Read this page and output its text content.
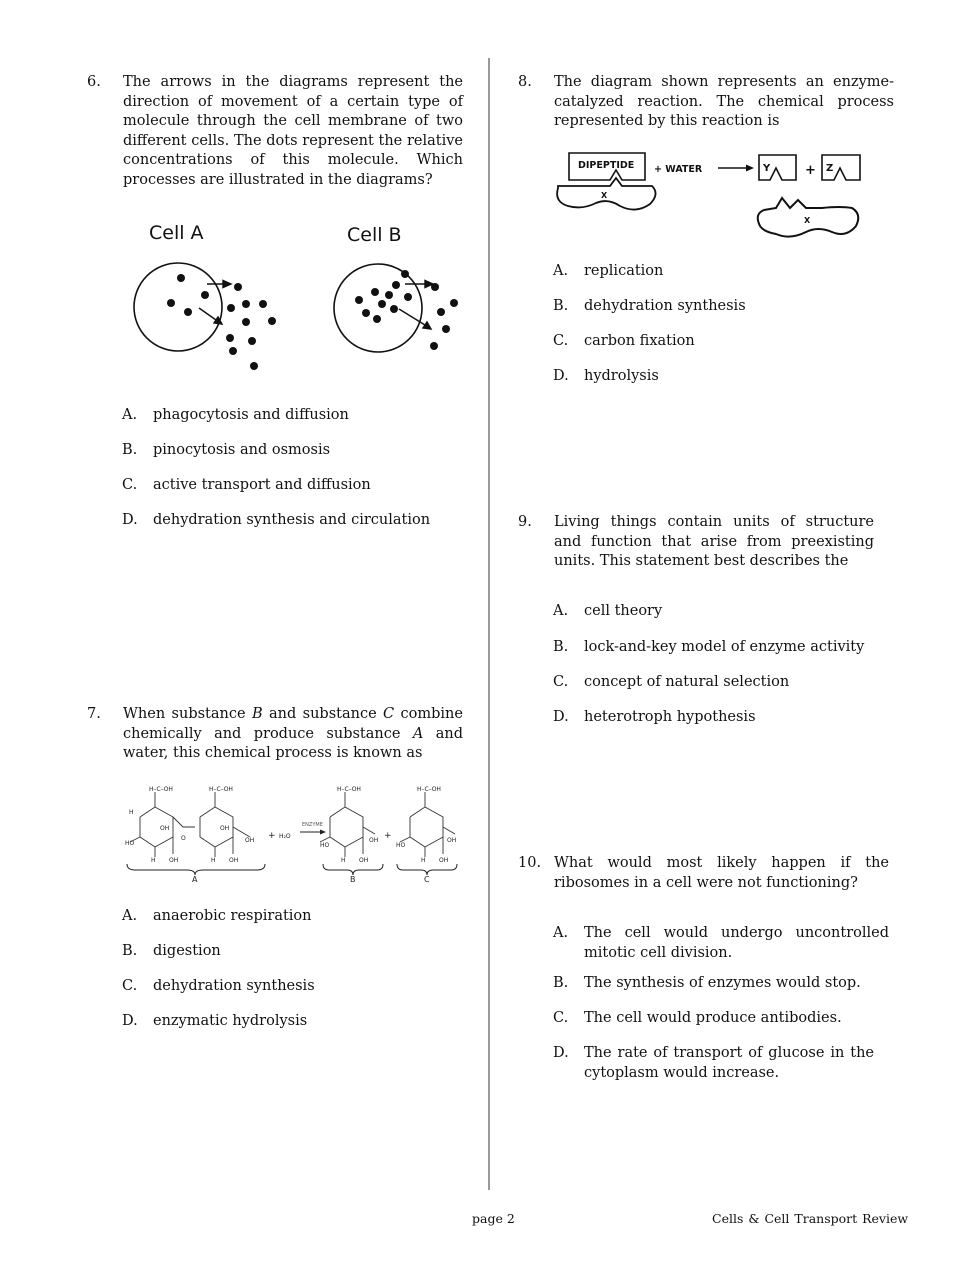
6. The arrows in the diagrams represent the direction of movement of a certain type of molecule through the cell membrane of two different cells. The dots represent the relative concentrations of this molecule. Which processes are illustrated in the diagrams?
Cell A	Cell B
A. phagocytosis and diffusion
B. pinocytosis and osmosis
C. active transport and diffusion
D. dehydration synthesis and circulation
7. When substance B and substance C combine chemically and produce substance A and water, this chemical process is known as
H–C–OH	H–C–OH
H
OH
O
OH
OH
HO
H OH	H OH
+ H₂O
ENZYME
H–C–OH
HO
OH
H OH
+
H–C–OH
HO
OH
H OH
A	B	C
A. anaerobic respiration
B. digestion
C. dehydration synthesis
D. enzymatic hydrolysis
8. The diagram shown represents an enzyme-catalyzed reaction. The chemical process represented by this reaction is
DIPEPTIDE
X
+ WATER	Y	+ Z
X
A. replication
B. dehydration synthesis
C. carbon fixation
D. hydrolysis
9. Living things contain units of structure and function that arise from preexisting units. This statement best describes the
A. cell theory
B. lock-and-key model of enzyme activity
C. concept of natural selection
D. heterotroph hypothesis
10. What would most likely happen if the ribosomes in a cell were not functioning?
A. The cell would undergo uncontrolled mitotic cell division.
B. The synthesis of enzymes would stop.
C. The cell would produce antibodies.
D. The rate of transport of glucose in the cytoplasm would increase.
page 2	Cells & Cell Transport Review
